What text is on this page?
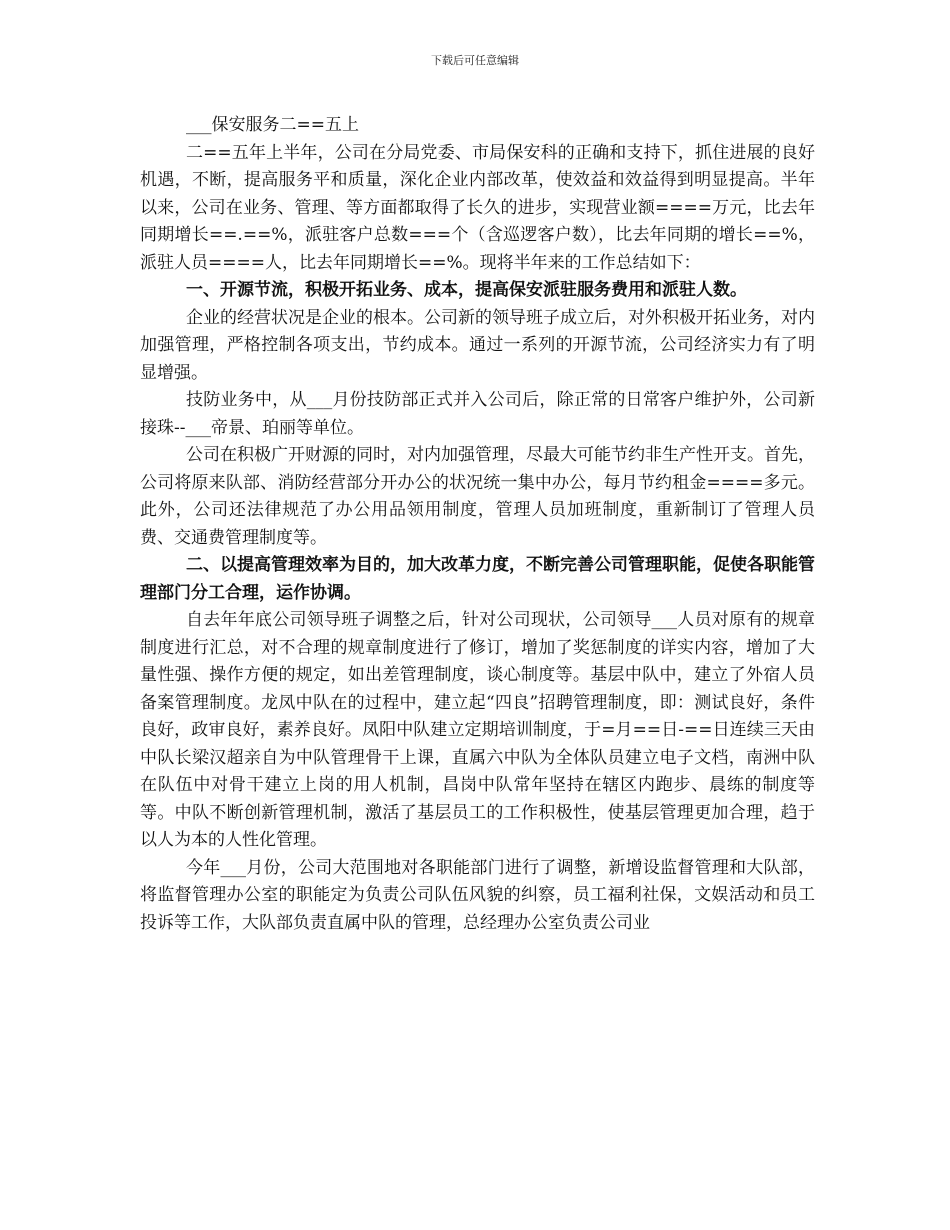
下载后可任意编辑

___保安服务二==五上

二==五年上半年，公司在分局党委、市局保安科的正确和支持下，抓住进展的良好机遇，不断，提高服务平和质量，深化企业内部改革，使效益和效益得到明显提高。半年以来，公司在业务、管理、等方面都取得了长久的进步，实现营业额====万元，比去年同期增长==.==%，派驻客户总数===个（含巡逻客户数），比去年同期的增长==%，派驻人员====人，比去年同期增长==%。现将半年来的工作总结如下：

一、开源节流，积极开拓业务、成本，提高保安派驻服务费用和派驻人数。

企业的经营状况是企业的根本。公司新的领导班子成立后，对外积极开拓业务，对内加强管理，严格控制各项支出，节约成本。通过一系列的开源节流，公司经济实力有了明显增强。

技防业务中，从___月份技防部正式并入公司后，除正常的日常客户维护外，公司新接珠--___帝景、珀丽等单位。

公司在积极广开财源的同时，对内加强管理，尽最大可能节约非生产性开支。首先，公司将原来队部、消防经营部分开办公的状况统一集中办公，每月节约租金====多元。此外，公司还法律规范了办公用品领用制度，管理人员加班制度，重新制订了管理人员费、交通费管理制度等。

二、以提高管理效率为目的，加大改革力度，不断完善公司管理职能，促使各职能管理部门分工合理，运作协调。

自去年年底公司领导班子调整之后，针对公司现状，公司领导___人员对原有的规章制度进行汇总，对不合理的规章制度进行了修订，增加了奖惩制度的详实内容，增加了大量性强、操作方便的规定，如出差管理制度，谈心制度等。基层中队中，建立了外宿人员备案管理制度。龙凤中队在的过程中，建立起“四良”招聘管理制度，即：测试良好，条件良好，政审良好，素养良好。凤阳中队建立定期培训制度，于=月==日-==日连续三天由中队长梁汉超亲自为中队管理骨干上课，直属六中队为全体队员建立电子文档，南洲中队在队伍中对骨干建立上岗的用人机制，昌岗中队常年坚持在辖区内跑步、晨练的制度等等。中队不断创新管理机制，激活了基层员工的工作积极性，使基层管理更加合理，趋于以人为本的人性化管理。

今年___月份，公司大范围地对各职能部门进行了调整，新增设监督管理和大队部，将监督管理办公室的职能定为负责公司队伍风貌的纠察，员工福利社保，文娱活动和员工投诉等工作，大队部负责直属中队的管理，总经理办公室负责公司业
